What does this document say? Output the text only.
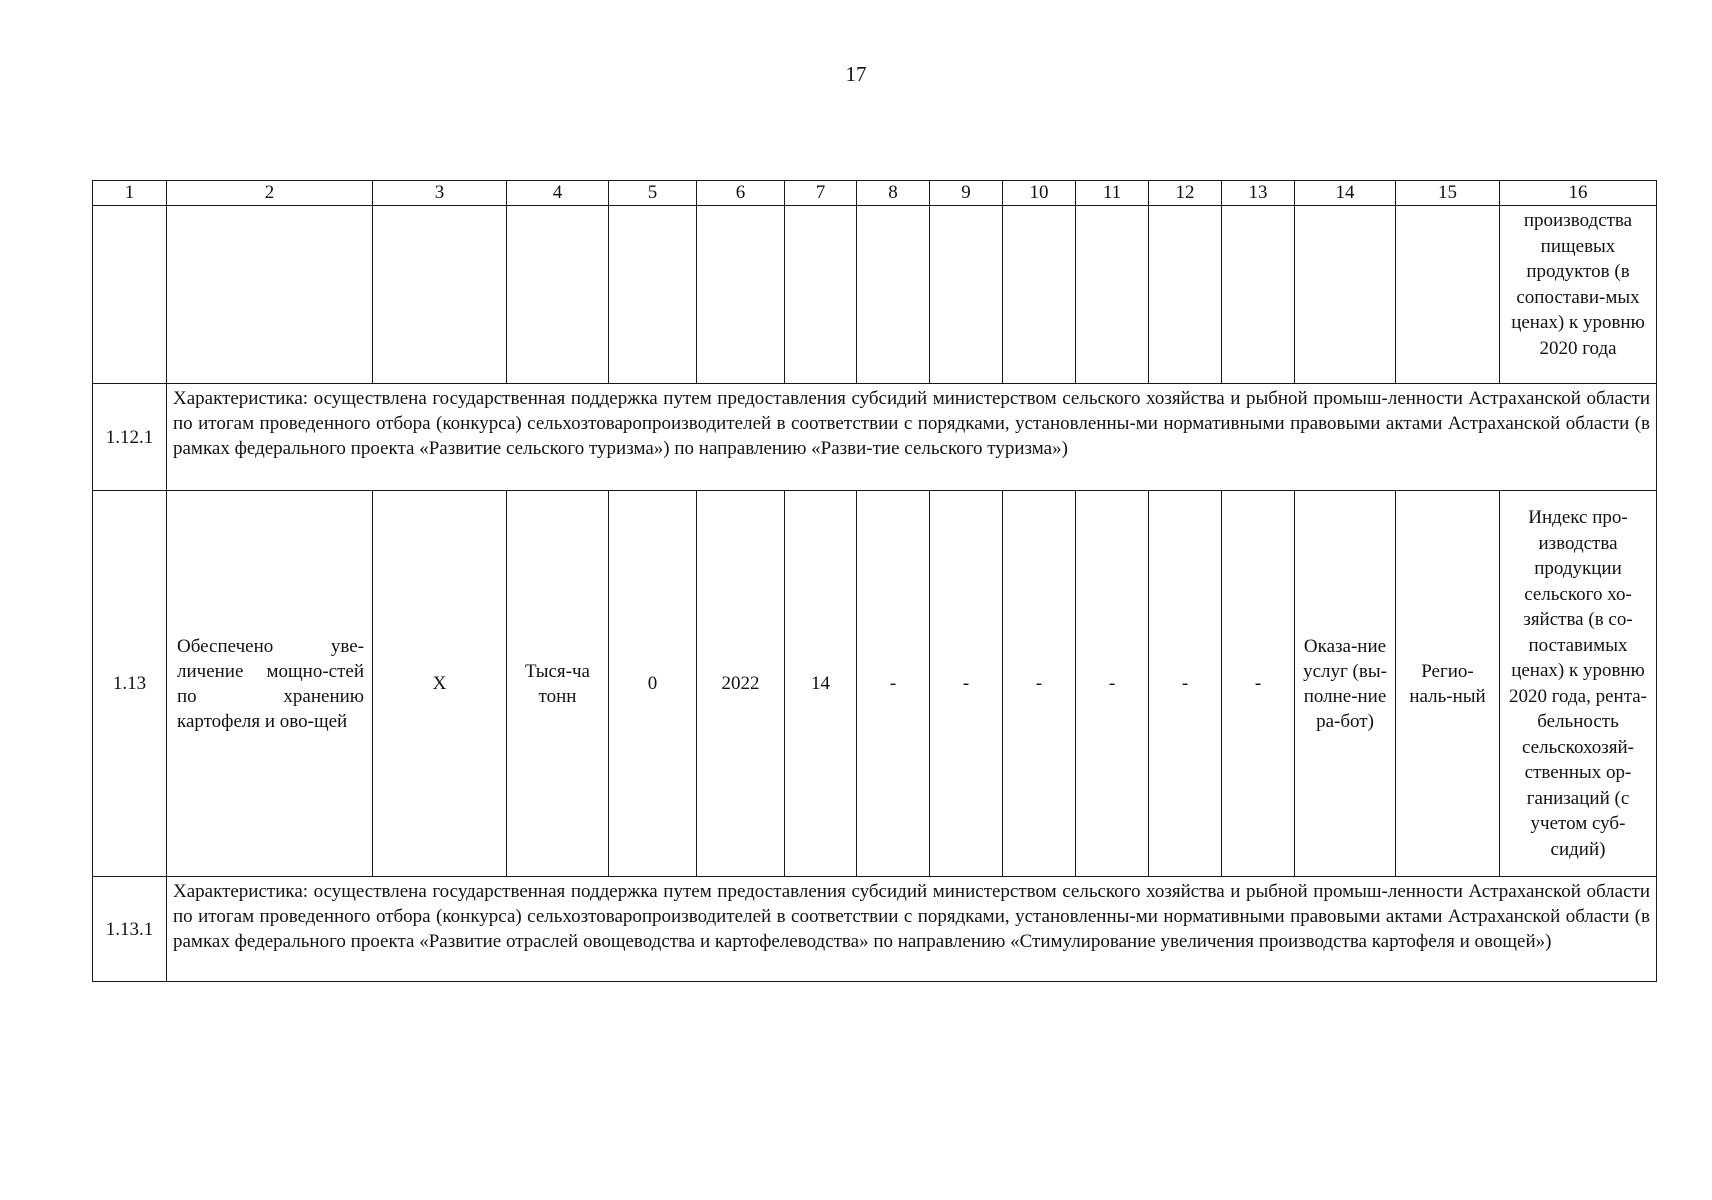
17
1	2	3	4	5	6	7	8	9	10	11	12	13	14	15	16
															производства пищевых продуктов (в сопостави-мых ценах) к уровню 2020 года
1.12.1	Характеристика: осуществлена государственная поддержка путем предоставления субсидий министерством сельского хозяйства и рыбной промыш-ленности Астраханской области по итогам проведенного отбора (конкурса) сельхозтоваропроизводителей в соответствии с порядками, установленны-ми нормативными правовыми актами Астраханской области (в рамках федерального проекта «Развитие сельского туризма») по направлению «Разви-тие сельского туризма»)														
1.13	Обеспечено уве-личение мощно-стей по хранению картофеля и ово-щей	Х	Тыся-ча тонн	0	2022	14	-	-	-	-	-	-	Оказа-ние услуг (вы-полне-ние ра-бот)	Регио-наль-ный	Индекс про-изводства продукции сельского хо-зяйства (в со-поставимых ценах) к уровню 2020 года, рента-бельность сельскохозяй-ственных ор-ганизаций (с учетом суб-сидий)
1.13.1	Характеристика: осуществлена государственная поддержка путем предоставления субсидий министерством сельского хозяйства и рыбной промыш-ленности Астраханской области по итогам проведенного отбора (конкурса) сельхозтоваропроизводителей в соответствии с порядками, установленны-ми нормативными правовыми актами Астраханской области (в рамках федерального проекта «Развитие отраслей овощеводства и картофелеводства» по направлению «Стимулирование увеличения производства картофеля и овощей»)														
